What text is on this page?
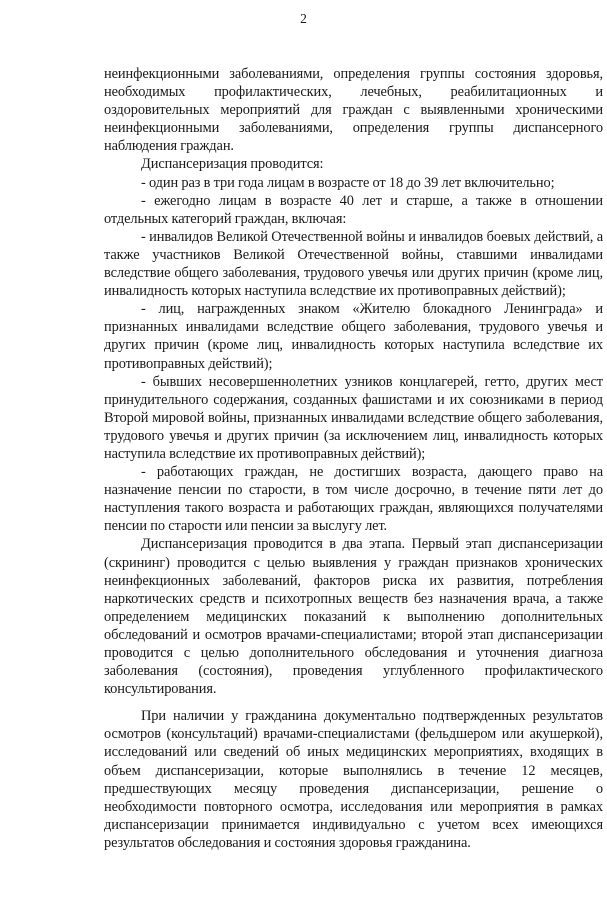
2

неинфекционными заболеваниями, определения группы состояния здоровья, необходимых профилактических, лечебных, реабилитационных и оздоровительных мероприятий для граждан с выявленными хроническими неинфекционными заболеваниями, определения группы диспансерного наблюдения граждан.

Диспансеризация проводится:

- один раз в три года лицам в возрасте от 18 до 39 лет включительно;

- ежегодно лицам в возрасте 40 лет и старше, а также в отношении отдельных категорий граждан, включая:

- инвалидов Великой Отечественной войны и инвалидов боевых действий, а также участников Великой Отечественной войны, ставшими инвалидами вследствие общего заболевания, трудового увечья или других причин (кроме лиц, инвалидность которых наступила вследствие их противоправных действий);

- лиц, награжденных знаком «Жителю блокадного Ленинграда» и признанных инвалидами вследствие общего заболевания, трудового увечья и других причин (кроме лиц, инвалидность которых наступила вследствие их противоправных действий);

- бывших несовершеннолетних узников концлагерей, гетто, других мест принудительного содержания, созданных фашистами и их союзниками в период Второй мировой войны, признанных инвалидами вследствие общего заболевания, трудового увечья и других причин (за исключением лиц, инвалидность которых наступила вследствие их противоправных действий);

- работающих граждан, не достигших возраста, дающего право на назначение пенсии по старости, в том числе досрочно, в течение пяти лет до наступления такого возраста и работающих граждан, являющихся получателями пенсии по старости или пенсии за выслугу лет.

Диспансеризация проводится в два этапа. Первый этап диспансеризации (скрининг) проводится с целью выявления у граждан признаков хронических неинфекционных заболеваний, факторов риска их развития, потребления наркотических средств и психотропных веществ без назначения врача, а также определением медицинских показаний к выполнению дополнительных обследований и осмотров врачами-специалистами; второй этап диспансеризации проводится с целью дополнительного обследования и уточнения диагноза заболевания (состояния), проведения углубленного профилактического консультирования.

При наличии у гражданина документально подтвержденных результатов осмотров (консультаций) врачами-специалистами (фельдшером или акушеркой), исследований или сведений об иных медицинских мероприятиях, входящих в объем диспансеризации, которые выполнялись в течение 12 месяцев, предшествующих месяцу проведения диспансеризации, решение о необходимости повторного осмотра, исследования или мероприятия в рамках диспансеризации принимается индивидуально с учетом всех имеющихся результатов обследования и состояния здоровья гражданина.
